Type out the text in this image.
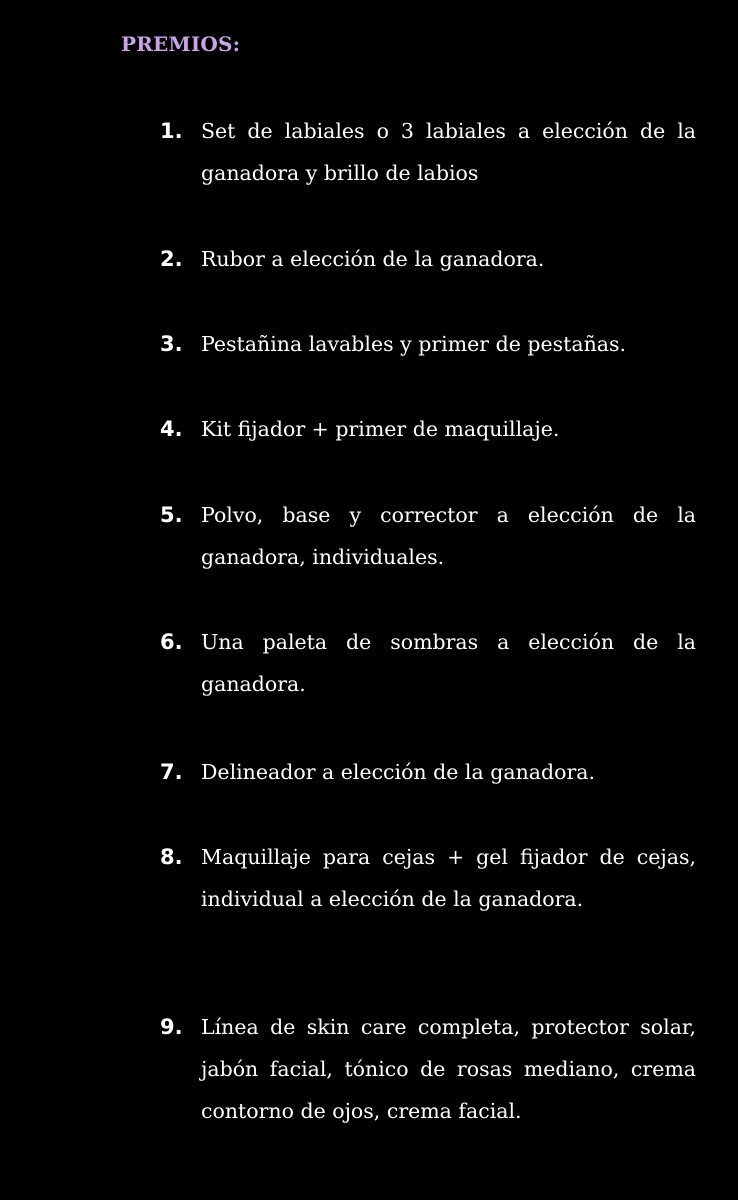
PREMIOS:
1. Set de labiales o 3 labiales a elección de la ganadora y brillo de labios
2. Rubor a elección de la ganadora.
3. Pestañina lavables y primer de pestañas.
4. Kit fijador + primer de maquillaje.
5. Polvo, base y corrector a elección de la ganadora, individuales.
6. Una paleta de sombras a elección de la ganadora.
7. Delineador a elección de la ganadora.
8. Maquillaje para cejas + gel fijador de cejas, individual a elección de la ganadora.
9. Línea de skin care completa, protector solar, jabón facial, tónico de rosas mediano, crema contorno de ojos, crema facial.
